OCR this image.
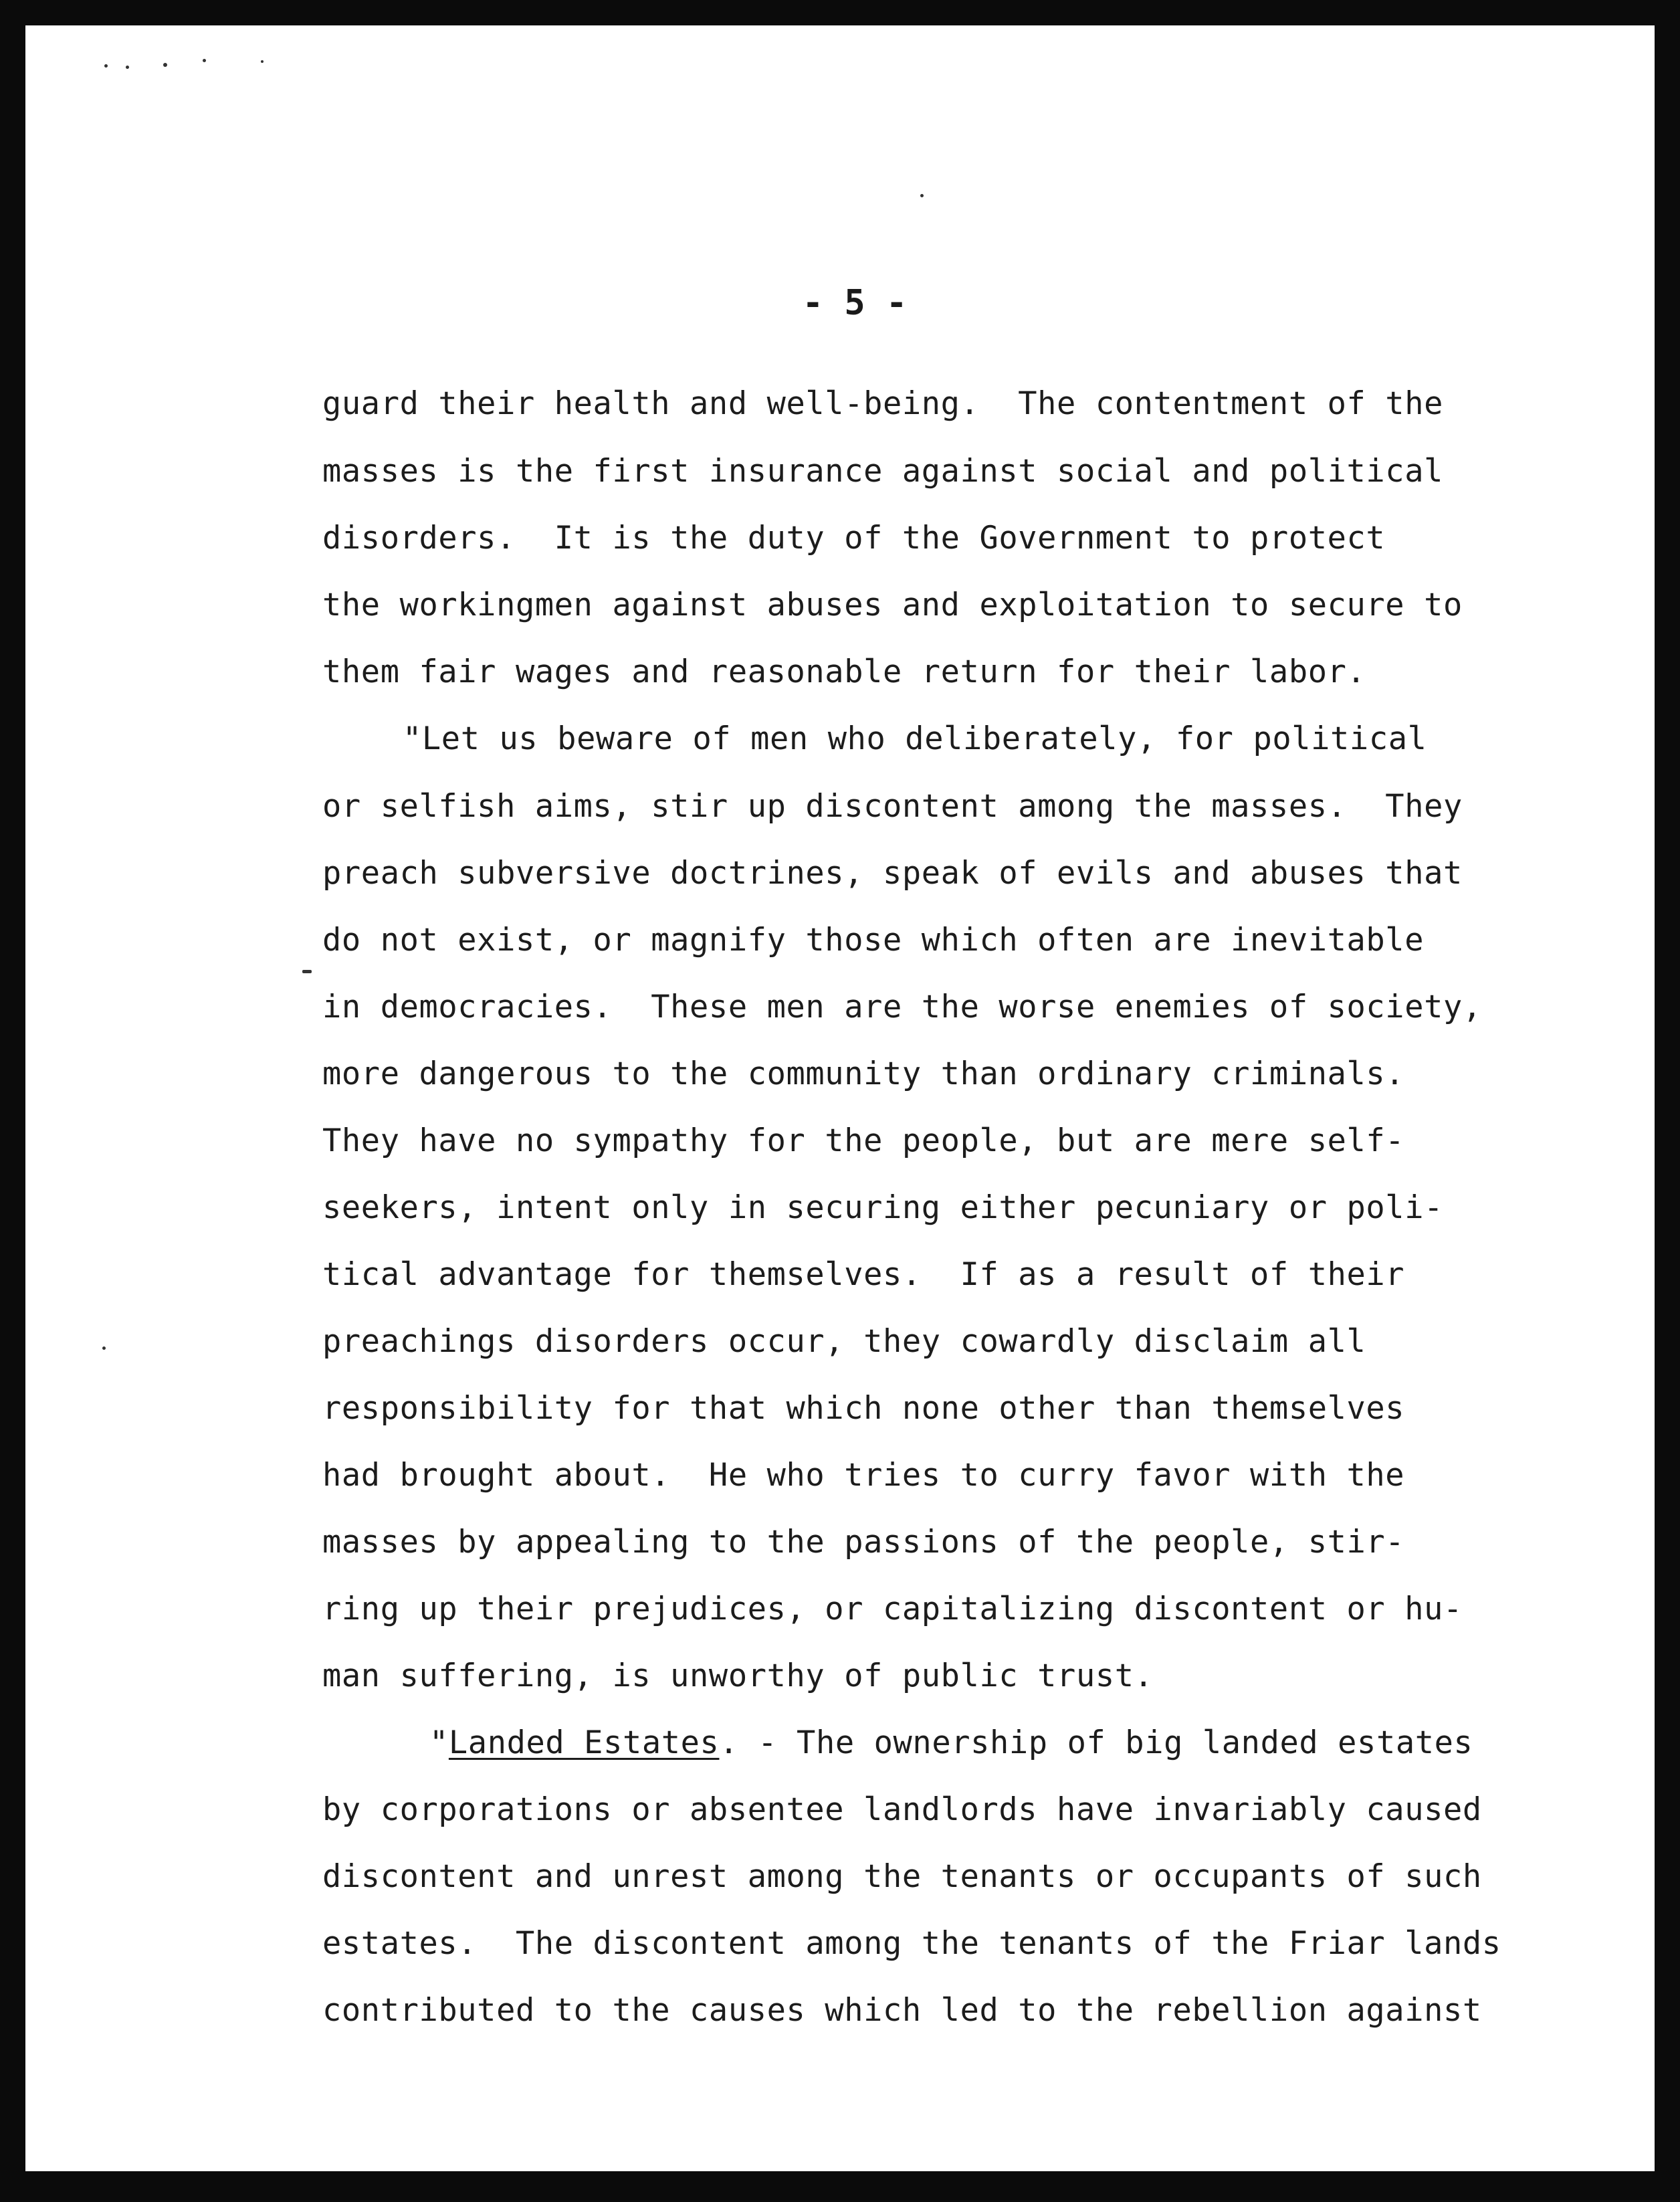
- 5 -

guard their health and well-being.  The contentment of the

masses is the first insurance against social and political

disorders.  It is the duty of the Government to protect

the workingmen against abuses and exploitation to secure to

them fair wages and reasonable return for their labor.

"Let us beware of men who deliberately, for political

or selfish aims, stir up discontent among the masses.  They

preach subversive doctrines, speak of evils and abuses that

do not exist, or magnify those which often are inevitable

in democracies.  These men are the worse enemies of society,

more dangerous to the community than ordinary criminals.

They have no sympathy for the people, but are mere self-

seekers, intent only in securing either pecuniary or poli-

tical advantage for themselves.  If as a result of their

preachings disorders occur, they cowardly disclaim all

responsibility for that which none other than themselves

had brought about.  He who tries to curry favor with the

masses by appealing to the passions of the people, stir-

ring up their prejudices, or capitalizing discontent or hu-

man suffering, is unworthy of public trust.

"Landed Estates. - The ownership of big landed estates

by corporations or absentee landlords have invariably caused

discontent and unrest among the tenants or occupants of such

estates.  The discontent among the tenants of the Friar lands

contributed to the causes which led to the rebellion against
